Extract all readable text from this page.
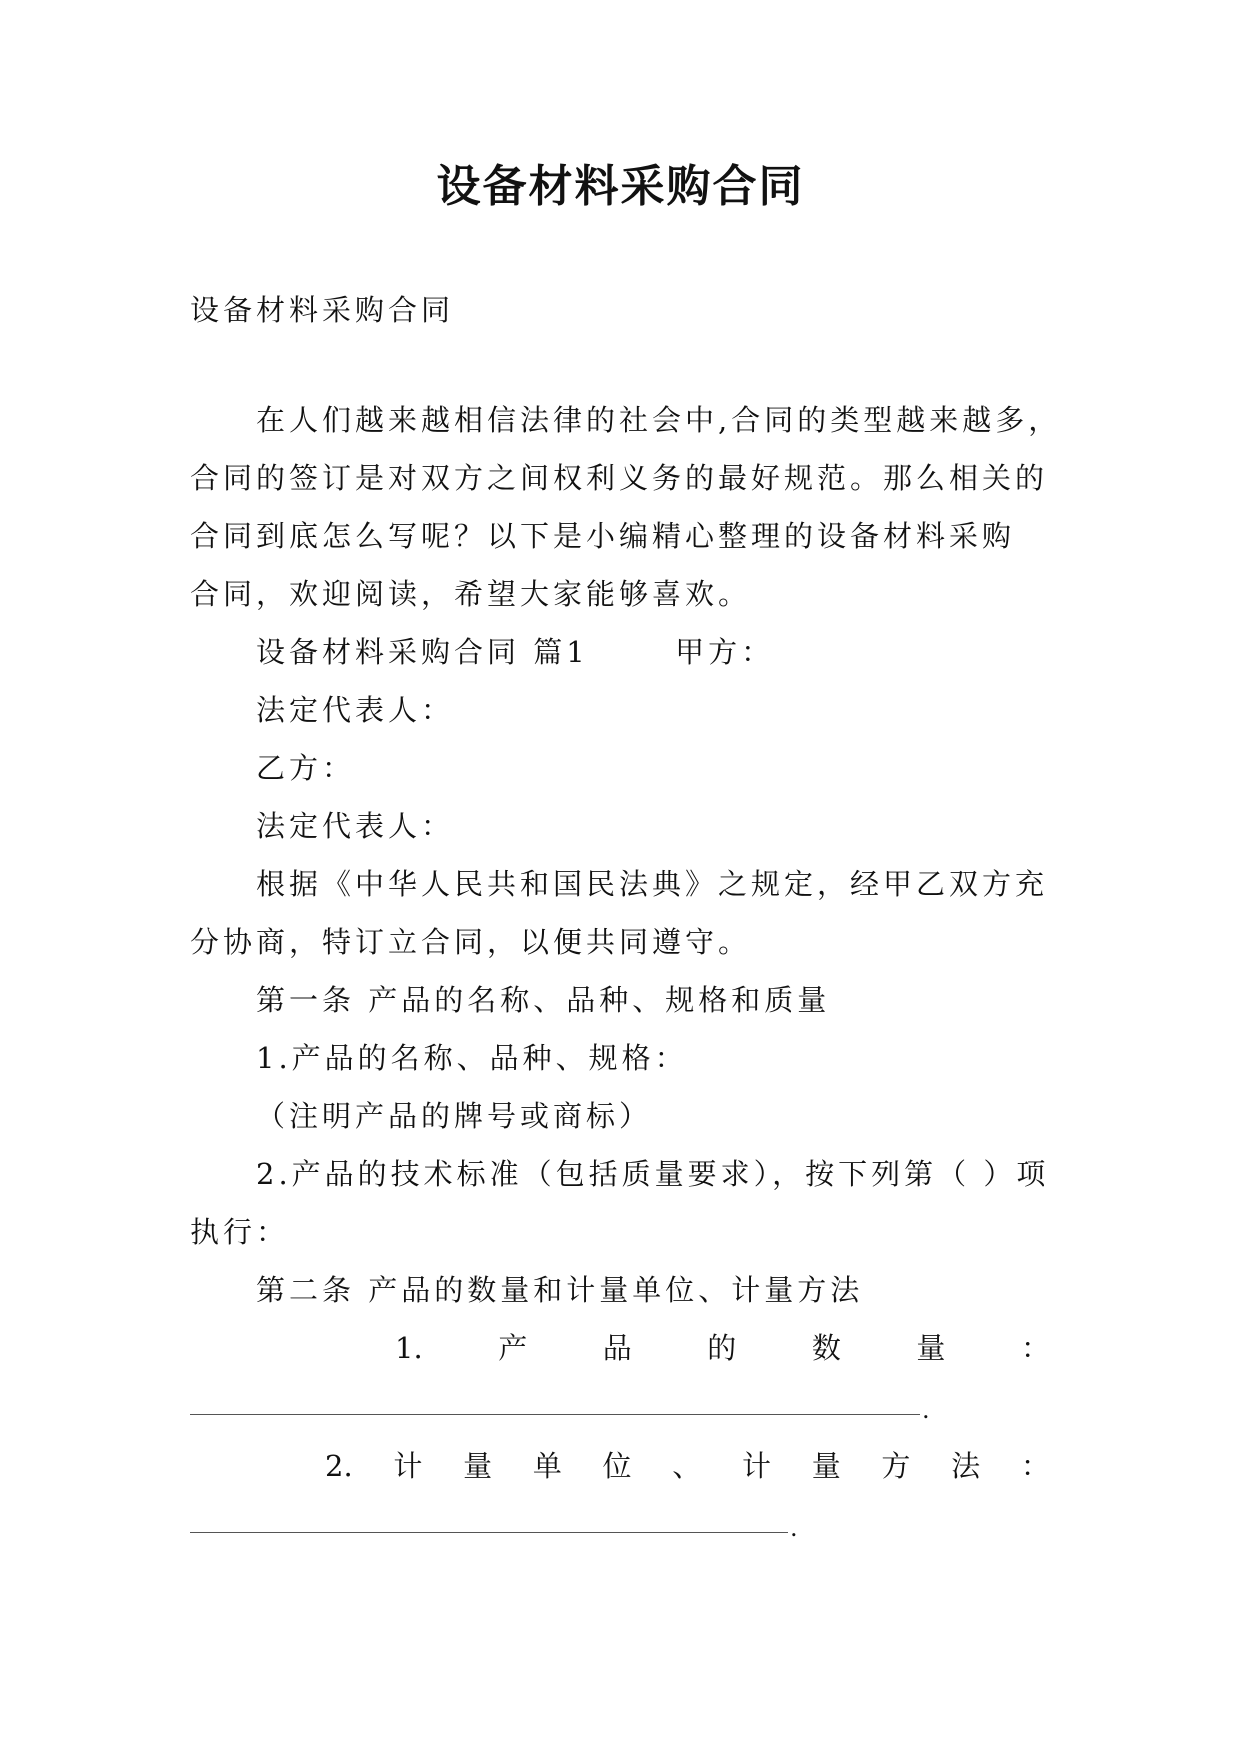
设备材料采购合同
设备材料采购合同
在人们越来越相信法律的社会中,合同的类型越来越多，
合同的签订是对双方之间权利义务的最好规范。那么相关的
合同到底怎么写呢？以下是小编精心整理的设备材料采购
合同，欢迎阅读，希望大家能够喜欢。
设备材料采购合同 篇1	甲方：
法定代表人：
乙方：
法定代表人：
根据《中华人民共和国民法典》之规定，经甲乙双方充
分协商，特订立合同，以便共同遵守。
第一条 产品的名称、品种、规格和质量
1.产品的名称、品种、规格：
（注明产品的牌号或商标）
2.产品的技术标准（包括质量要求），按下列第（ ）项
执行：
第二条 产品的数量和计量单位、计量方法
1.	产	品	的	数	量	：
.
2. 计 量 单 位 、 计 量 方 法 ：
.
